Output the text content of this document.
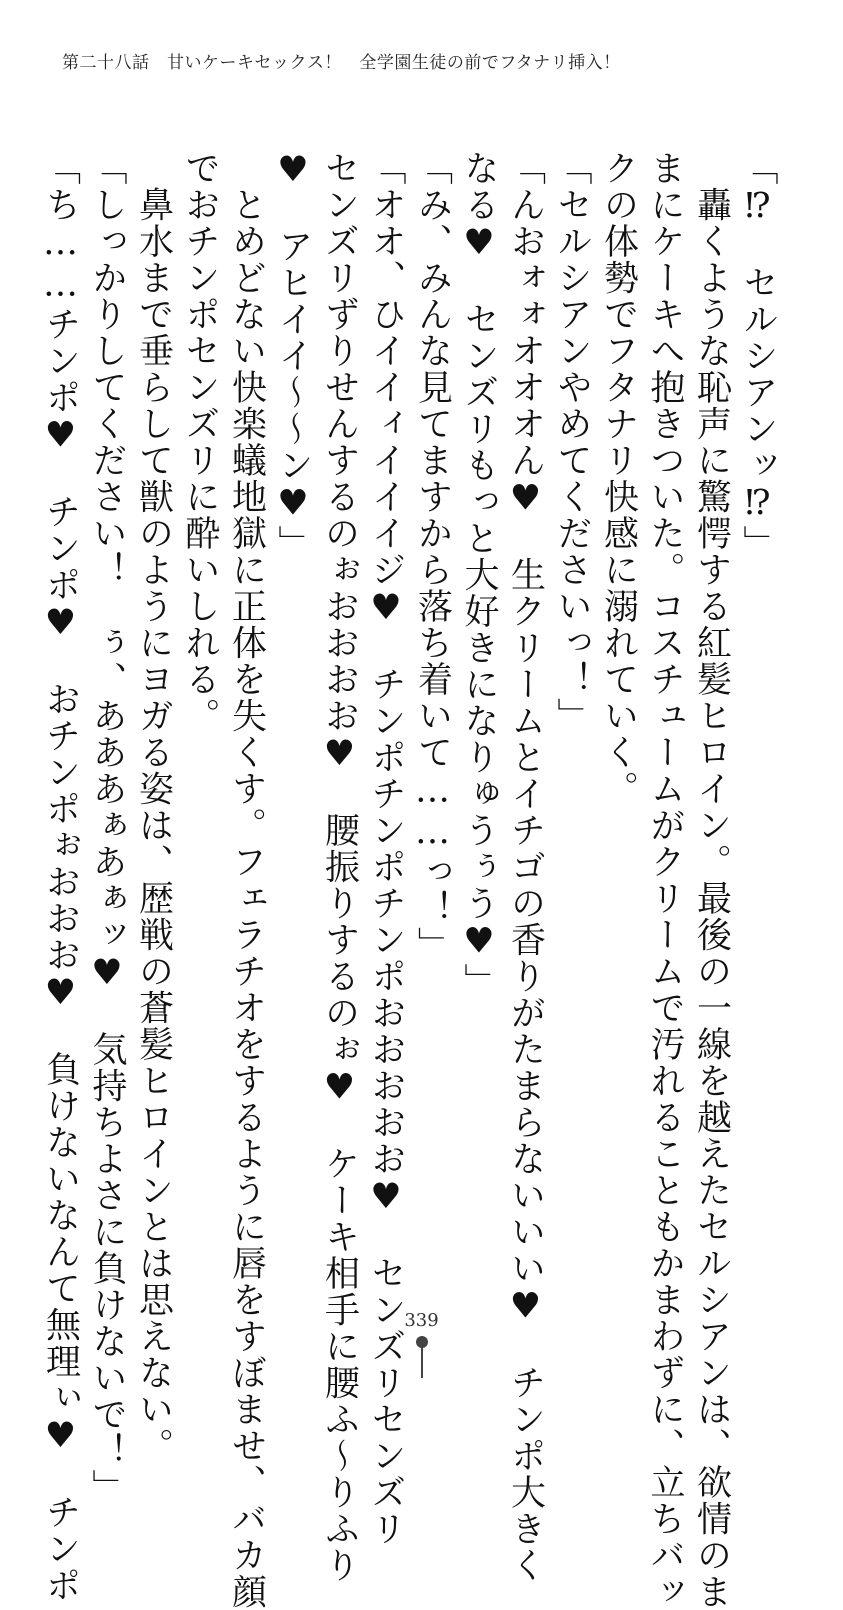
第二十八話　甘いケーキセックス！　全学園生徒の前でフタナリ挿入！
「⁉　セルシアンッ⁉」
　轟くような恥声に驚愕する紅髪ヒロイン。最後の一線を越えたセルシアンは、欲情のま
まにケーキへ抱きついた。コスチュームがクリームで汚れることもかまわずに、立ちバッ
クの体勢でフタナリ快感に溺れていく。
「セルシアンやめてくださいっ！」
「んおォォオオオん♥　生クリームとイチゴの香りがたまらないいい♥　チンポ大きく
なる♥　センズリもっと大好きになりゅうぅう♥」
「み、みんな見てますから落ち着いて……っ！」
「オオ、ひイイィイイイジ♥　チンポチンポチンポおおおおお♥　センズリセンズリ
センズリずりせんするのぉおおおお♥　腰振りするのぉ♥　ケーキ相手に腰ふ～りふり
♥　アヒイイ～～ン♥」
　とめどない快楽蟻地獄に正体を失くす。フェラチオをするように唇をすぼませ、バカ顔
でおチンポセンズリに酔いしれる。
　鼻水まで垂らして獣のようにヨガる姿は、歴戦の蒼髪ヒロインとは思えない。
「しっかりしてください！　ぅ、あああぁあぁッ♥　気持ちよさに負けないで！」
「ち……チンポ♥　チンポ♥　おチンポぉおおお♥　負けないなんて無理ぃ♥　チンポ	339
